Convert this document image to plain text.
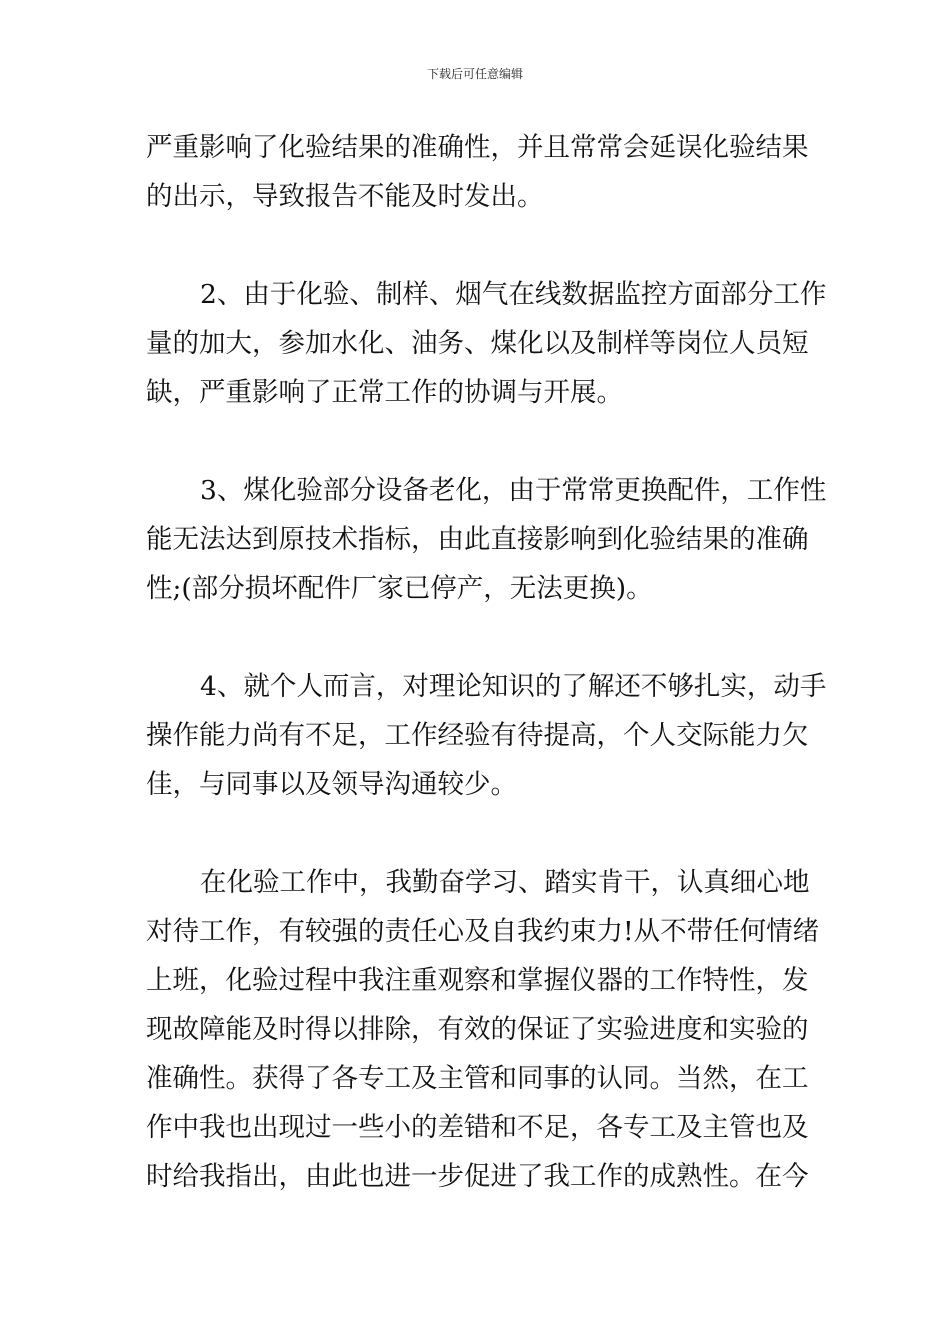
下载后可任意编辑
严重影响了化验结果的准确性，并且常常会延误化验结果
的出示，导致报告不能及时发出。
2、由于化验、制样、烟气在线数据监控方面部分工作
量的加大，参加水化、油务、煤化以及制样等岗位人员短
缺，严重影响了正常工作的协调与开展。
3、煤化验部分设备老化，由于常常更换配件，工作性
能无法达到原技术指标，由此直接影响到化验结果的准确
性;(部分损坏配件厂家已停产，无法更换)。
4、就个人而言，对理论知识的了解还不够扎实，动手
操作能力尚有不足，工作经验有待提高，个人交际能力欠
佳，与同事以及领导沟通较少。
在化验工作中，我勤奋学习、踏实肯干，认真细心地
对待工作，有较强的责任心及自我约束力!从不带任何情绪
上班，化验过程中我注重观察和掌握仪器的工作特性，发
现故障能及时得以排除，有效的保证了实验进度和实验的
准确性。获得了各专工及主管和同事的认同。当然，在工
作中我也出现过一些小的差错和不足，各专工及主管也及
时给我指出，由此也进一步促进了我工作的成熟性。在今
